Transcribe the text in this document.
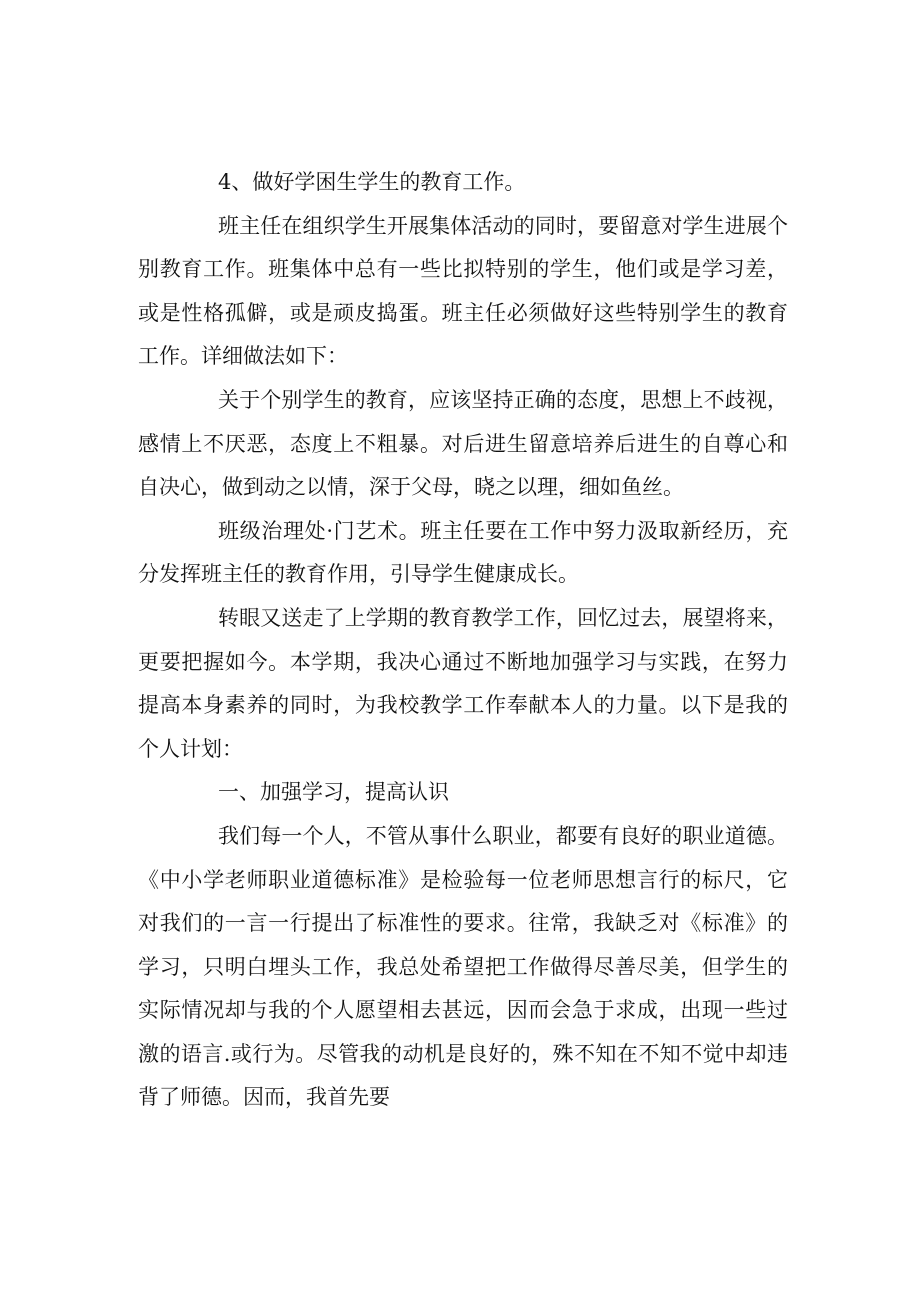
4、做好学困生学生的教育工作。

班主任在组织学生开展集体活动的同时，要留意对学生进展个别教育工作。班集体中总有一些比拟特别的学生，他们或是学习差，或是性格孤僻，或是顽皮捣蛋。班主任必须做好这些特别学生的教育工作。详细做法如下：

关于个别学生的教育，应该坚持正确的态度，思想上不歧视，感情上不厌恶，态度上不粗暴。对后进生留意培养后进生的自尊心和自决心，做到动之以情，深于父母，晓之以理，细如鱼丝。

班级治理处·门艺术。班主任要在工作中努力汲取新经历，充分发挥班主任的教育作用，引导学生健康成长。

转眼又送走了上学期的教育教学工作，回忆过去，展望将来，更要把握如今。本学期，我决心通过不断地加强学习与实践，在努力提高本身素养的同时，为我校教学工作奉献本人的力量。以下是我的个人计划：

一、加强学习，提高认识

我们每一个人，不管从事什么职业，都要有良好的职业道德。《中小学老师职业道德标准》是检验每一位老师思想言行的标尺，它对我们的一言一行提出了标准性的要求。往常，我缺乏对《标准》的学习，只明白埋头工作，我总处希望把工作做得尽善尽美，但学生的实际情况却与我的个人愿望相去甚远，因而会急于求成，出现一些过激的语言.或行为。尽管我的动机是良好的，殊不知在不知不觉中却违背了师德。因而，我首先要
